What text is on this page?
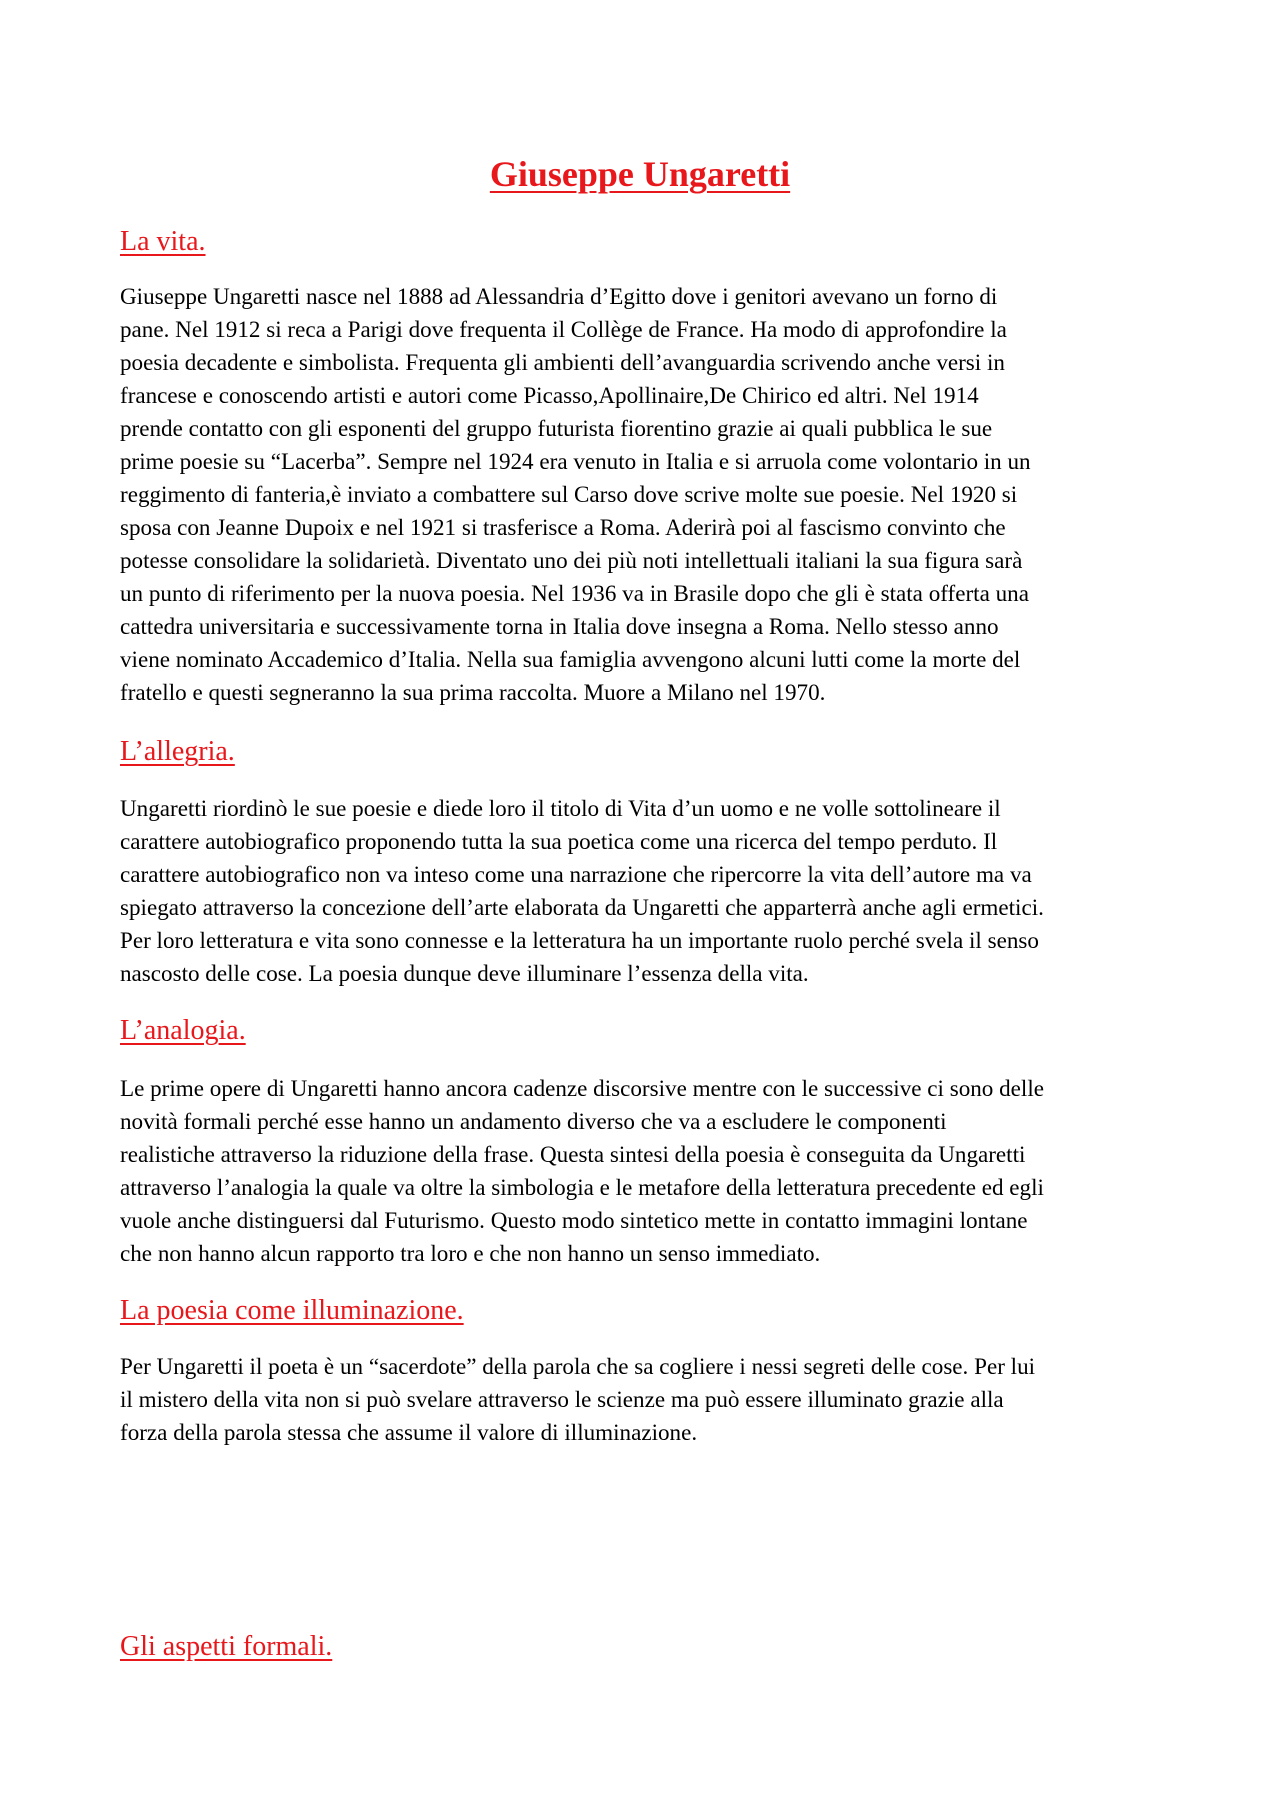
Giuseppe Ungaretti
La vita.

Giuseppe Ungaretti nasce nel 1888 ad Alessandria d’Egitto dove i genitori avevano un forno di
pane. Nel 1912 si reca a Parigi dove frequenta il Collège de France. Ha modo di approfondire la
poesia decadente e simbolista. Frequenta gli ambienti dell’avanguardia scrivendo anche versi in
francese e conoscendo artisti e autori come Picasso,Apollinaire,De Chirico ed altri. Nel 1914
prende contatto con gli esponenti del gruppo futurista fiorentino grazie ai quali pubblica le sue
prime poesie su “Lacerba”. Sempre nel 1924 era venuto in Italia e si arruola come volontario in un
reggimento di fanteria,è inviato a combattere sul Carso dove scrive molte sue poesie. Nel 1920 si
sposa con Jeanne Dupoix e nel 1921 si trasferisce a Roma. Aderirà poi al fascismo convinto che
potesse consolidare la solidarietà. Diventato uno dei più noti intellettuali italiani la sua figura sarà
un punto di riferimento per la nuova poesia. Nel 1936 va in Brasile dopo che gli è stata offerta una
cattedra universitaria e successivamente torna in Italia dove insegna a Roma. Nello stesso anno
viene nominato Accademico d’Italia. Nella sua famiglia avvengono alcuni lutti come la morte del
fratello e questi segneranno la sua prima raccolta. Muore a Milano nel 1970.

L’allegria.

Ungaretti riordinò le sue poesie e diede loro il titolo di Vita d’un uomo e ne volle sottolineare il
carattere autobiografico proponendo tutta la sua poetica come una ricerca del tempo perduto. Il
carattere autobiografico non va inteso come una narrazione che ripercorre la vita dell’autore ma va
spiegato attraverso la concezione dell’arte elaborata da Ungaretti che apparterrà anche agli ermetici.
Per loro letteratura e vita sono connesse e la letteratura ha un importante ruolo perché svela il senso
nascosto delle cose. La poesia dunque deve illuminare l’essenza della vita.

L’analogia.

Le prime opere di Ungaretti hanno ancora cadenze discorsive mentre con le successive ci sono delle
novità formali perché esse hanno un andamento diverso che va a escludere le componenti
realistiche attraverso la riduzione della frase. Questa sintesi della poesia è conseguita da Ungaretti
attraverso l’analogia la quale va oltre la simbologia e le metafore della letteratura precedente ed egli
vuole anche distinguersi dal Futurismo. Questo modo sintetico mette in contatto immagini lontane
che non hanno alcun rapporto tra loro e che non hanno un senso immediato.

La poesia come illuminazione.

Per Ungaretti il poeta è un “sacerdote” della parola che sa cogliere i nessi segreti delle cose. Per lui
il mistero della vita non si può svelare attraverso le scienze ma può essere illuminato grazie alla
forza della parola stessa che assume il valore di illuminazione.

Gli aspetti formali.
